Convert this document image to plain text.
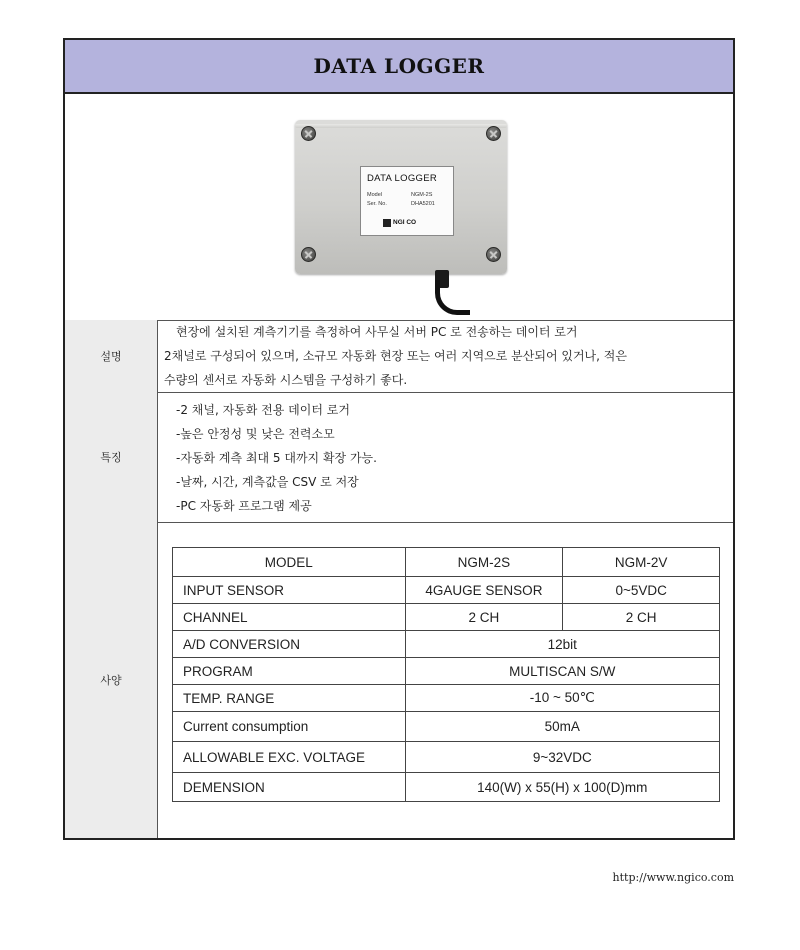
DATA LOGGER
DATA LOGGER
Model	NGM-2S
Ser. No.	DHA5201
NGI CO
설명
현장에 설치된 계측기기를 측정하여 사무실 서버 PC 로 전송하는 데이터 로거
2채널로 구성되어 있으며, 소규모 자동화 현장 또는 여러 지역으로 분산되어 있거나, 적은
수량의 센서로 자동화 시스템을 구성하기 좋다.
특징
-2 채널, 자동화 전용 데이터 로거
-높은 안정성 및 낮은 전력소모
-자동화 계측 최대 5 대까지 확장 가능.
-날짜, 시간, 계측값을 CSV 로 저장
-PC 자동화 프로그램 제공
사양
MODEL	NGM-2S	NGM-2V
INPUT SENSOR	4GAUGE SENSOR	0~5VDC
CHANNEL	2 CH	2 CH
A/D CONVERSION	12bit	
PROGRAM	MULTISCAN S/W	
TEMP. RANGE	-10 ~ 50℃	
Current consumption	50mA	
ALLOWABLE EXC. VOLTAGE	9~32VDC	
DEMENSION	140(W) x 55(H) x 100(D)mm	
http://www.ngico.com
